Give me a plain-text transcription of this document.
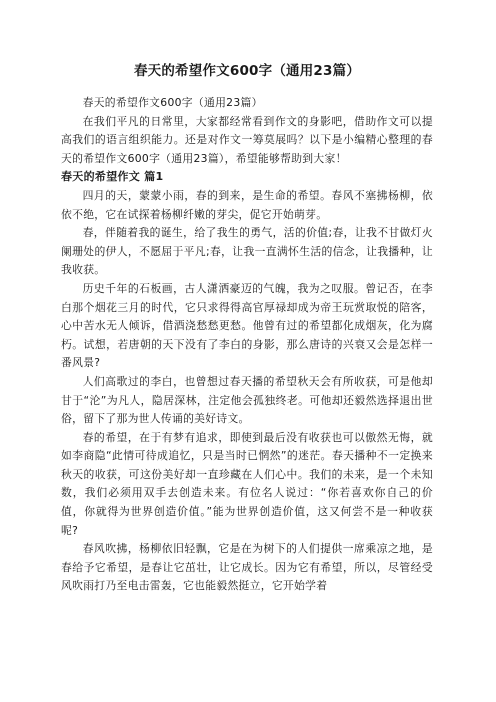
春天的希望作文600字（通用23篇）

春天的希望作文600字（通用23篇）

在我们平凡的日常里，大家都经常看到作文的身影吧，借助作文可以提高我们的语言组织能力。还是对作文一筹莫展吗？以下是小编精心整理的春天的希望作文600字（通用23篇），希望能够帮助到大家！

春天的希望作文 篇1

四月的天，蒙蒙小雨，春的到来，是生命的希望。春风不塞拂杨柳，依依不绝，它在试探着杨柳纤嫩的芽尖，促它开始萌芽。

春，伴随着我的诞生，给了我生的勇气，活的价值;春，让我不甘做灯火阑珊处的伊人，不愿屈于平凡;春，让我一直满怀生活的信念，让我播种，让我收获。

历史千年的石板画，古人潇洒豪迈的气魄，我为之叹服。曾记否，在李白那个烟花三月的时代，它只求得得高官厚禄却成为帝王玩赏取悦的陪客，心中苦水无人倾诉，借酒浇愁愁更愁。他曾有过的希望都化成烟灰，化为腐朽。试想，若唐朝的天下没有了李白的身影，那么唐诗的兴衰又会是怎样一番风景?

人们高歌过的李白，也曾想过春天播的希望秋天会有所收获，可是他却甘于“沦”为凡人，隐居深林，注定他会孤独终老。可他却还毅然选择退出世俗，留下了那为世人传诵的美好诗文。

春的希望，在于有梦有追求，即使到最后没有收获也可以傲然无悔，就如李商隐“此情可待成追忆，只是当时已惘然”的迷茫。春天播种不一定换来秋天的收获，可这份美好却一直珍藏在人们心中。我们的未来，是一个未知数，我们必须用双手去创造未来。有位名人说过：“你若喜欢你自己的价值，你就得为世界创造价值。”能为世界创造价值，这又何尝不是一种收获呢?

春风吹拂，杨柳依旧轻飘，它是在为树下的人们提供一席乘凉之地，是春给予它希望，是春让它茁壮，让它成长。因为它有希望，所以，尽管经受风吹雨打乃至电击雷轰，它也能毅然挺立，它开始学着
